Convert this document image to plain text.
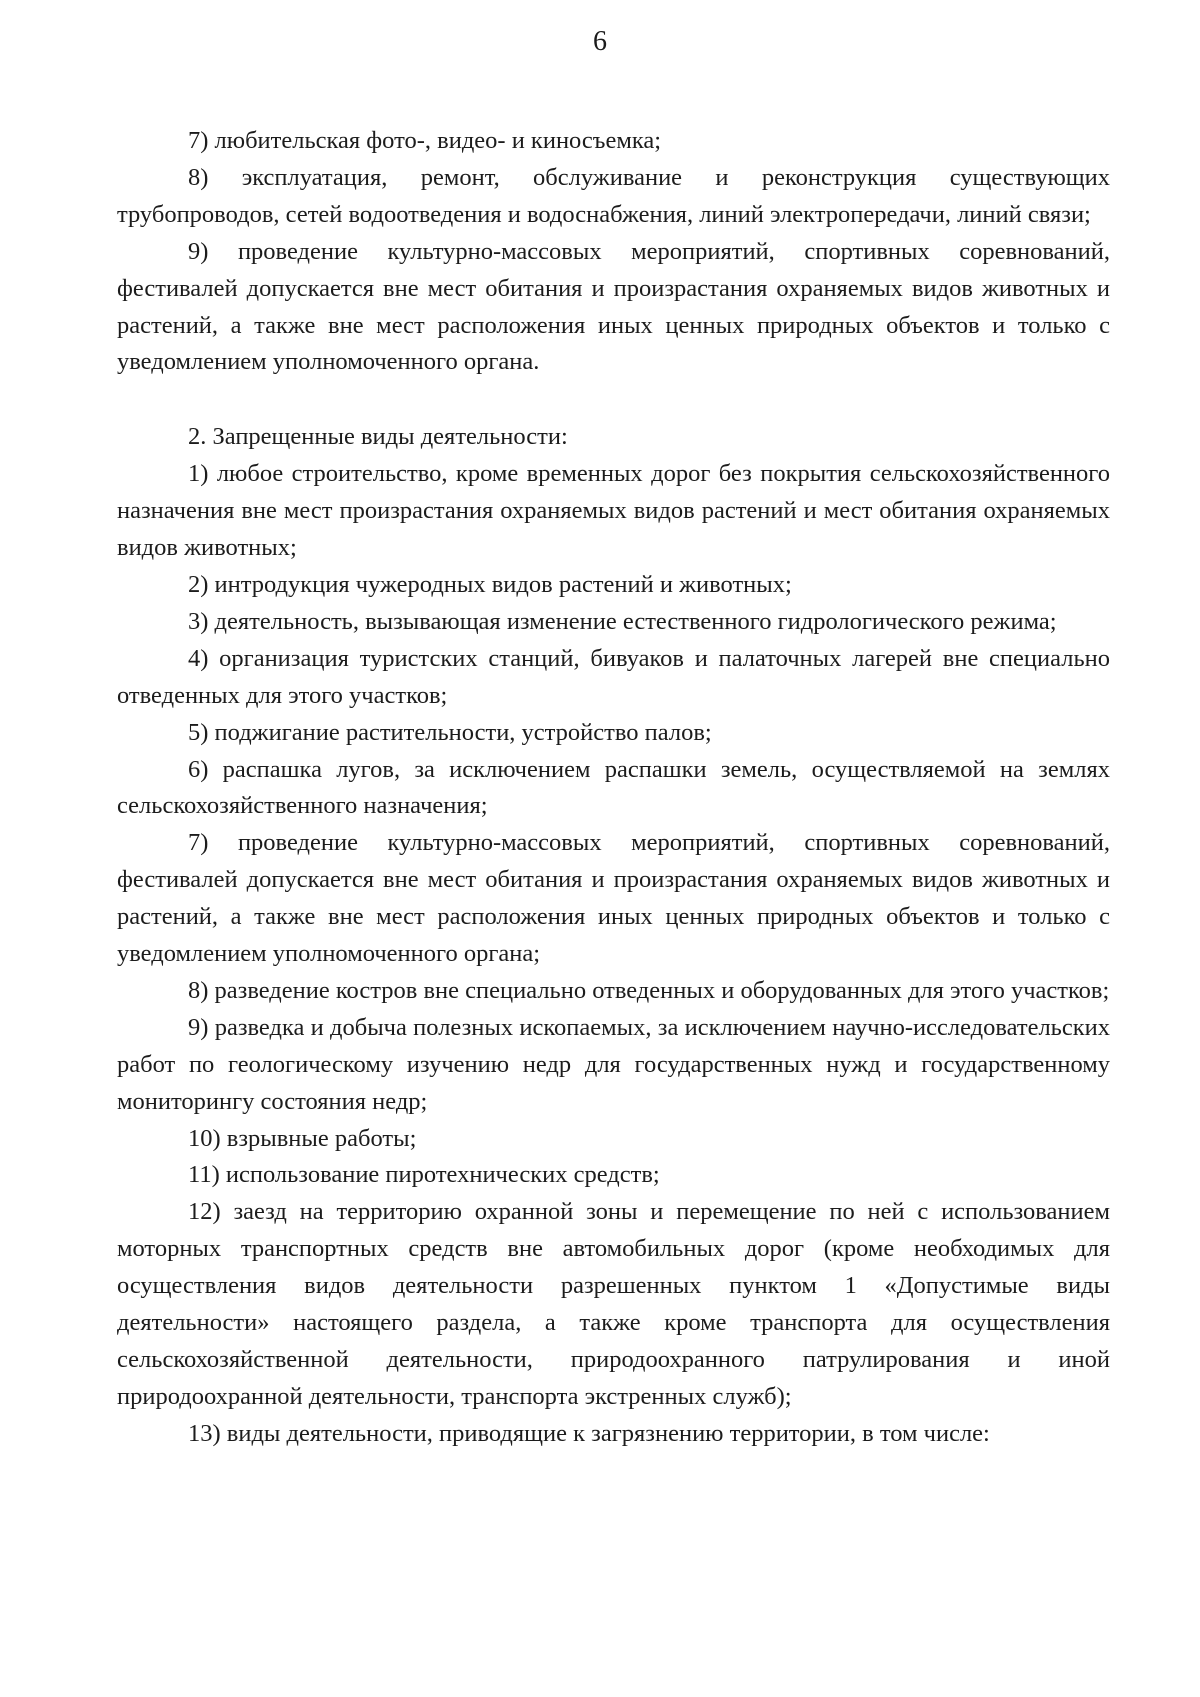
6

7) любительская фото-, видео- и киносъемка;

8) эксплуатация, ремонт, обслуживание и реконструкция существующих трубопроводов, сетей водоотведения и водоснабжения, линий электропередачи, линий связи;

9) проведение культурно-массовых мероприятий, спортивных соревнований, фестивалей допускается вне мест обитания и произрастания охраняемых видов животных и растений, а также вне мест расположения иных ценных природных объектов и только с уведомлением уполномоченного органа.

2. Запрещенные виды деятельности:

1) любое строительство, кроме временных дорог без покрытия сельскохозяйственного назначения вне мест произрастания охраняемых видов растений и мест обитания охраняемых видов животных;

2) интродукция чужеродных видов растений и животных;

3) деятельность, вызывающая изменение естественного гидрологического режима;

4) организация туристских станций, бивуаков и палаточных лагерей вне специально отведенных для этого участков;

5) поджигание растительности, устройство палов;

6) распашка лугов, за исключением распашки земель, осуществляемой на землях сельскохозяйственного назначения;

7) проведение культурно-массовых мероприятий, спортивных соревнований, фестивалей допускается вне мест обитания и произрастания охраняемых видов животных и растений, а также вне мест расположения иных ценных природных объектов и только с уведомлением уполномоченного органа;

8) разведение костров вне специально отведенных и оборудованных для этого участков;

9) разведка и добыча полезных ископаемых, за исключением научно-исследовательских работ по геологическому изучению недр для государственных нужд и государственному мониторингу состояния недр;

10) взрывные работы;

11) использование пиротехнических средств;

12) заезд на территорию охранной зоны и перемещение по ней с использованием моторных транспортных средств вне автомобильных дорог (кроме необходимых для осуществления видов деятельности разрешенных пунктом 1 «Допустимые виды деятельности» настоящего раздела, а также кроме транспорта для осуществления сельскохозяйственной деятельности, природоохранного патрулирования и иной природоохранной деятельности, транспорта экстренных служб);

13) виды деятельности, приводящие к загрязнению территории, в том числе:
